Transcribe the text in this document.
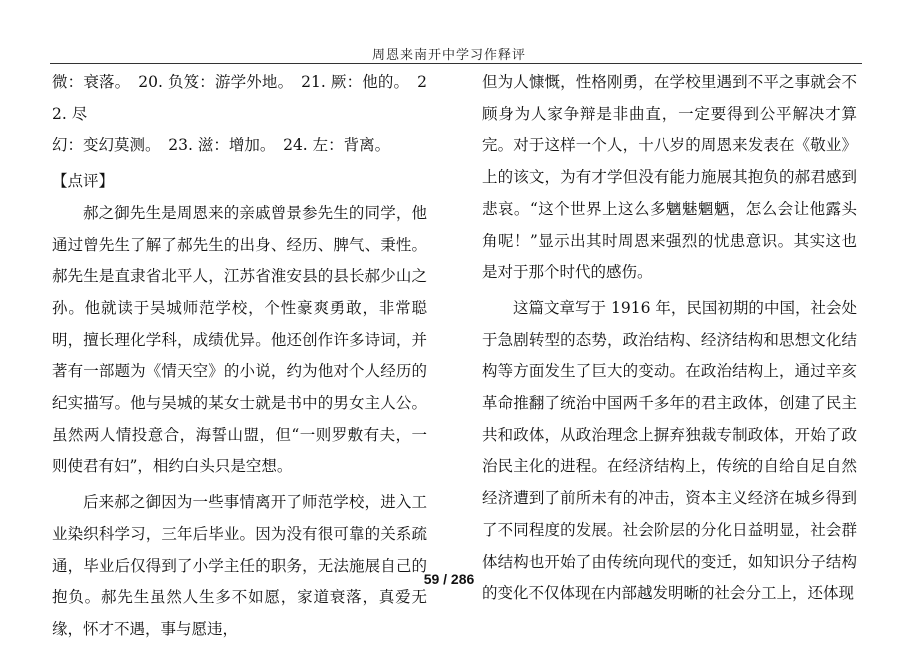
周恩来南开中学习作释评

微：衰落。　20. 负笈：游学外地。　21. 厥：他的。　22. 尽

幻：变幻莫测。　23. 滋：增加。　24. 左：背离。

【点评】

郝之御先生是周恩来的亲戚曾景参先生的同学，他通过曾先生了解了郝先生的出身、经历、脾气、秉性。郝先生是直隶省北平人，江苏省淮安县的县长郝少山之孙。他就读于吴城师范学校，个性豪爽勇敢，非常聪明，擅长理化学科，成绩优异。他还创作许多诗词，并著有一部题为《情天空》的小说，约为他对个人经历的纪实描写。他与吴城的某女士就是书中的男女主人公。虽然两人情投意合，海誓山盟，但“一则罗敷有夫，一则使君有妇”，相约白头只是空想。

后来郝之御因为一些事情离开了师范学校，进入工业染织科学习，三年后毕业。因为没有很可靠的关系疏通，毕业后仅得到了小学主任的职务，无法施展自己的抱负。郝先生虽然人生多不如愿，家道衰落，真爱无缘，怀才不遇，事与愿违，

但为人慷慨，性格刚勇，在学校里遇到不平之事就会不顾身为人家争辩是非曲直，一定要得到公平解决才算完。对于这样一个人，十八岁的周恩来发表在《敬业》上的该文，为有才学但没有能力施展其抱负的郝君感到悲哀。“这个世界上这么多魑魅魍魉，怎么会让他露头角呢！”显示出其时周恩来强烈的忧患意识。其实这也是对于那个时代的感伤。

这篇文章写于 1916 年，民国初期的中国，社会处于急剧转型的态势，政治结构、经济结构和思想文化结构等方面发生了巨大的变动。在政治结构上，通过辛亥革命推翻了统治中国两千多年的君主政体，创建了民主共和政体，从政治理念上摒弃独裁专制政体，开始了政治民主化的进程。在经济结构上，传统的自给自足自然经济遭到了前所未有的冲击，资本主义经济在城乡得到了不同程度的发展。社会阶层的分化日益明显，社会群体结构也开始了由传统向现代的变迁，如知识分子结构的变化不仅体现在内部越发明晰的社会分工上，还体现

59 / 286
